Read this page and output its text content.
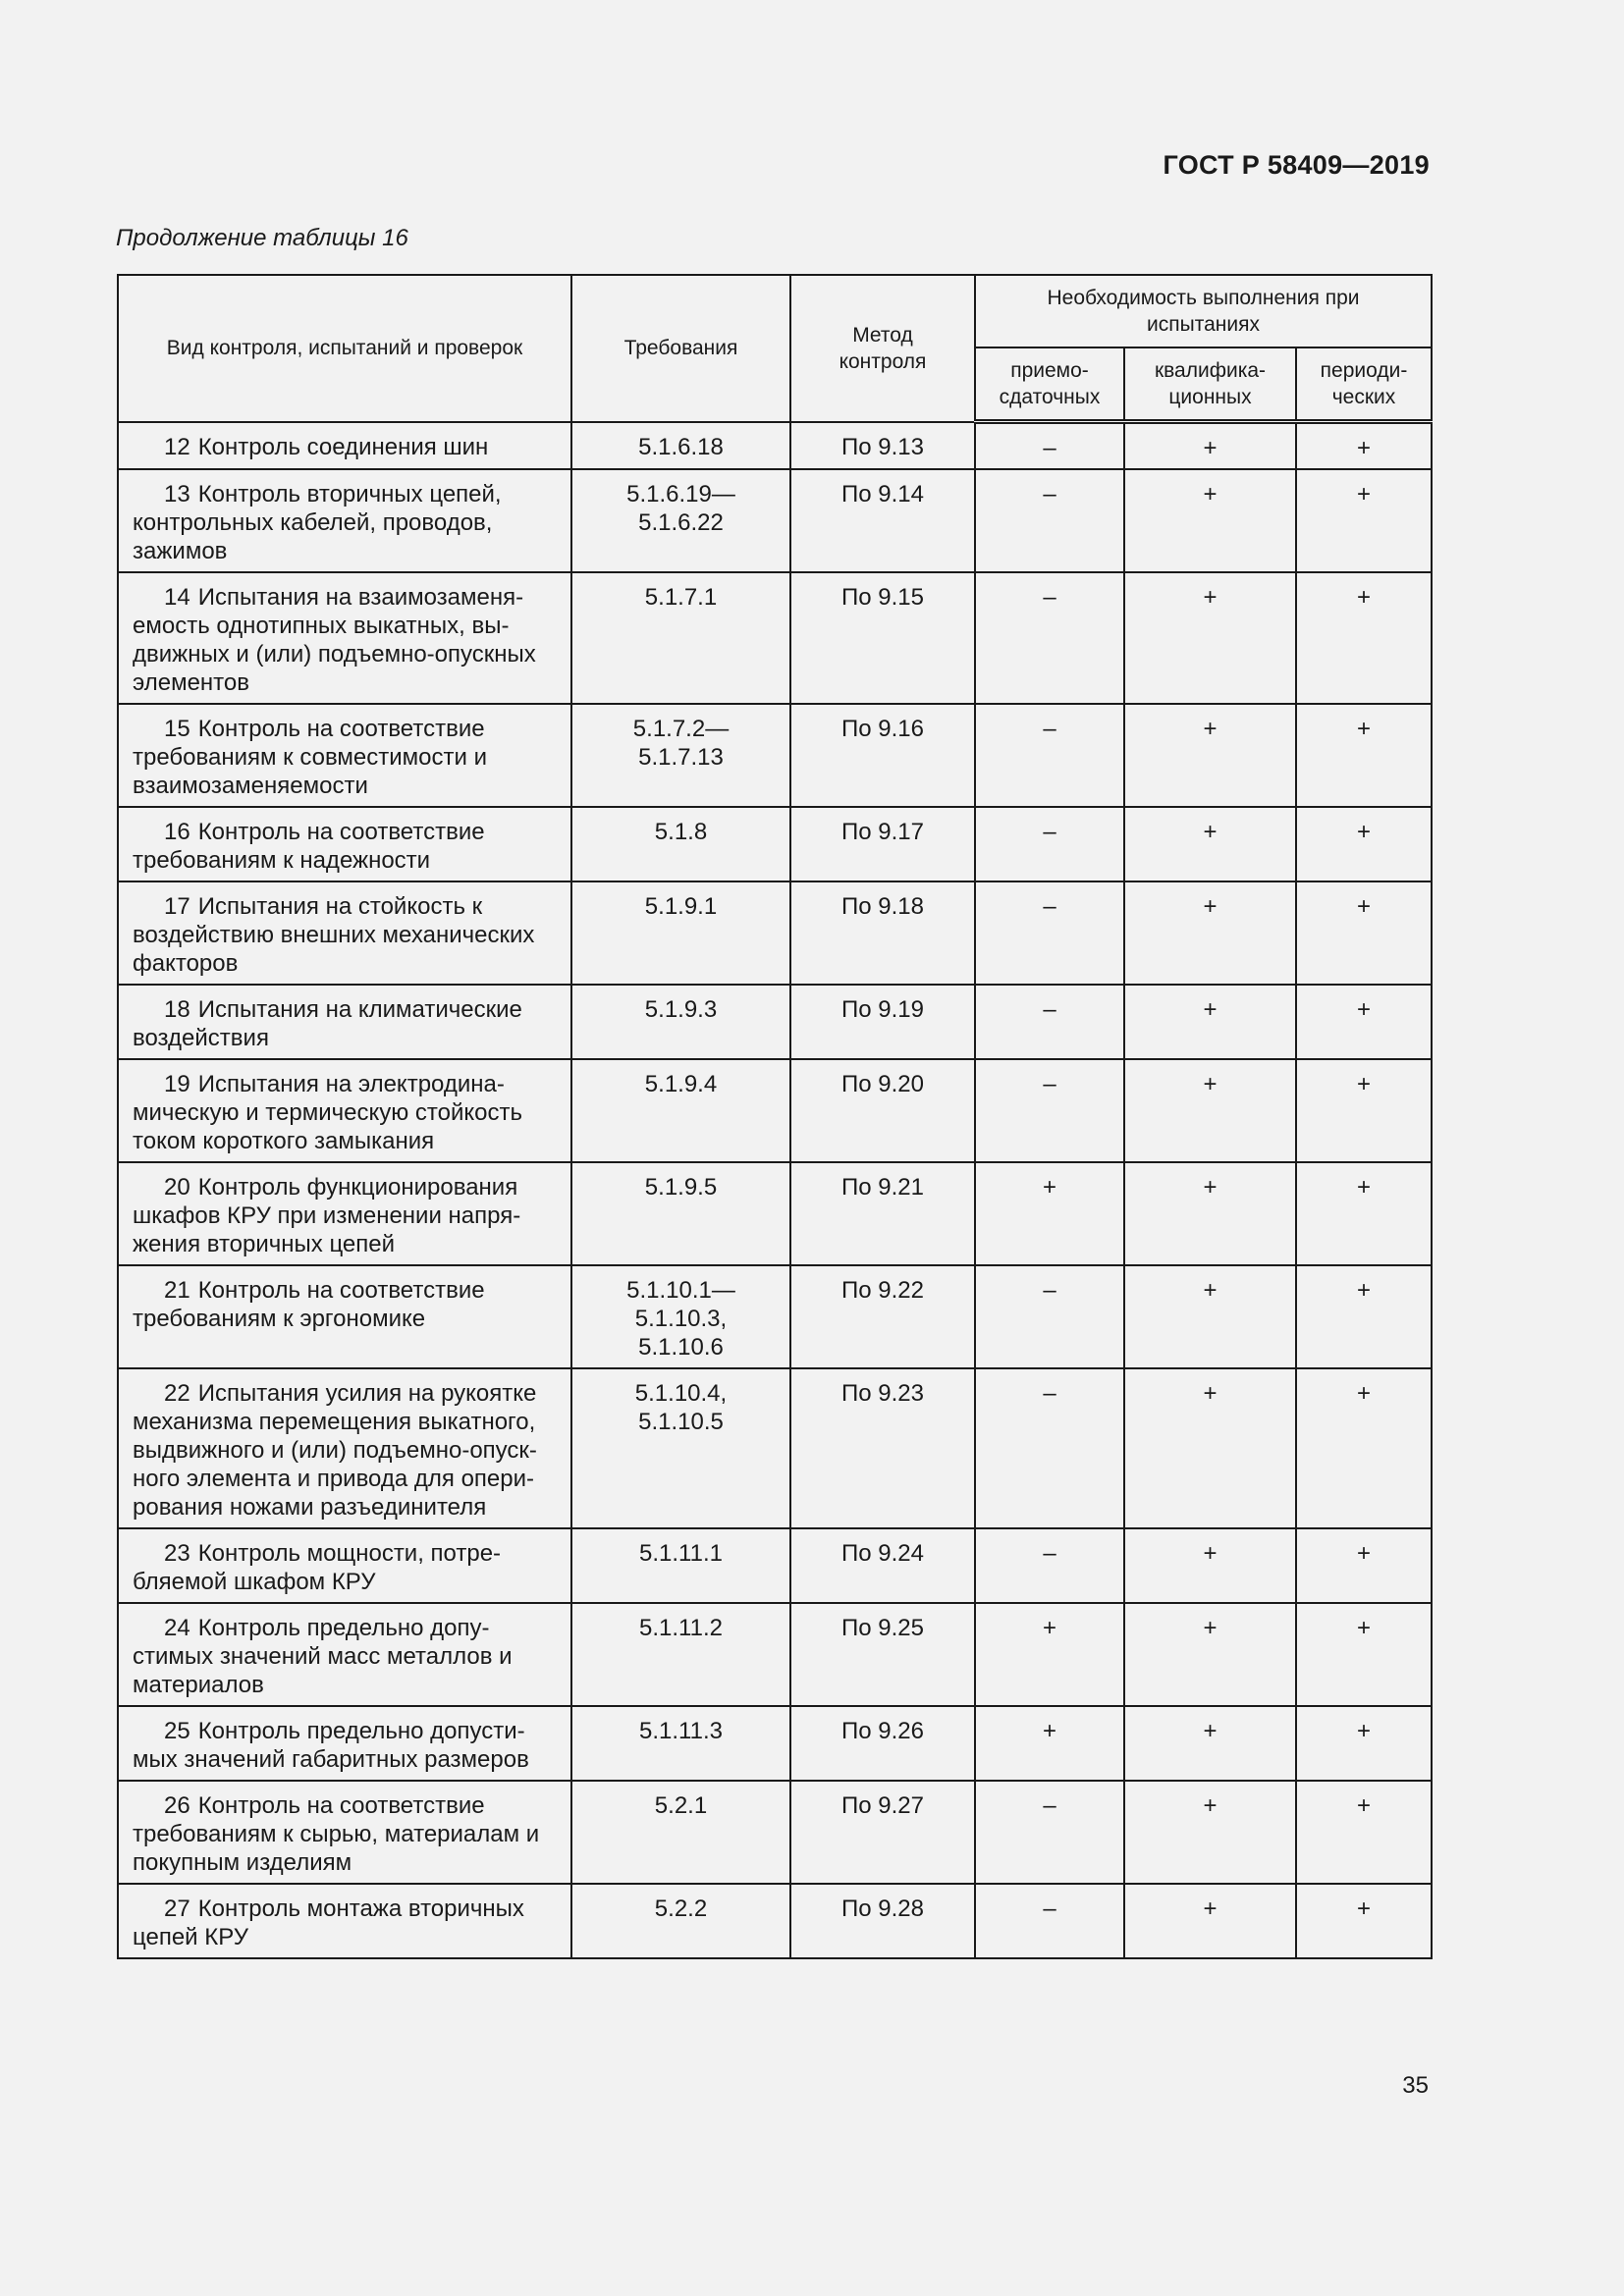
ГОСТ Р 58409—2019
Продолжение таблицы 16
Вид контроля, испытаний и проверок	Требования	Метод контроля	Необходимость выполнения при испытаниях		
			приемо-сдаточных	квалифика-ционных	периоди-ческих
12 Контроль соединения шин	5.1.6.18	По 9.13	–	+	+
13 Контроль вторичных цепей, контрольных кабелей, проводов, зажимов	5.1.6.19— 5.1.6.22	По 9.14	–	+	+
14 Испытания на взаимозаменя-емость однотипных выкатных, вы-движных и (или) подъемно-опускных элементов	5.1.7.1	По 9.15	–	+	+
15 Контроль на соответствие требованиям к совместимости и взаимозаменяемости	5.1.7.2—5.1.7.13	По 9.16	–	+	+
16 Контроль на соответствие требованиям к надежности	5.1.8	По 9.17	–	+	+
17 Испытания на стойкость к воздействию внешних механических факторов	5.1.9.1	По 9.18	–	+	+
18 Испытания на климатические воздействия	5.1.9.3	По 9.19	–	+	+
19 Испытания на электродина-мическую и термическую стойкость током короткого замыкания	5.1.9.4	По 9.20	–	+	+
20 Контроль функционирования шкафов КРУ при изменении напря-жения вторичных цепей	5.1.9.5	По 9.21	+	+	+
21 Контроль на соответствие требованиям к эргономике	5.1.10.1— 5.1.10.3, 5.1.10.6	По 9.22	–	+	+
22 Испытания усилия на рукоятке механизма перемещения выкатного, выдвижного и (или) подъемно-опуск-ного элемента и привода для опери-рования ножами разъединителя	5.1.10.4, 5.1.10.5	По 9.23	–	+	+
23 Контроль мощности, потре-бляемой шкафом КРУ	5.1.11.1	По 9.24	–	+	+
24 Контроль предельно допу-стимых значений масс металлов и материалов	5.1.11.2	По 9.25	+	+	+
25 Контроль предельно допусти-мых значений габаритных размеров	5.1.11.3	По 9.26	+	+	+
26 Контроль на соответствие требованиям к сырью, материалам и покупным изделиям	5.2.1	По 9.27	–	+	+
27 Контроль монтажа вторичных цепей КРУ	5.2.2	По 9.28	–	+	+
35
